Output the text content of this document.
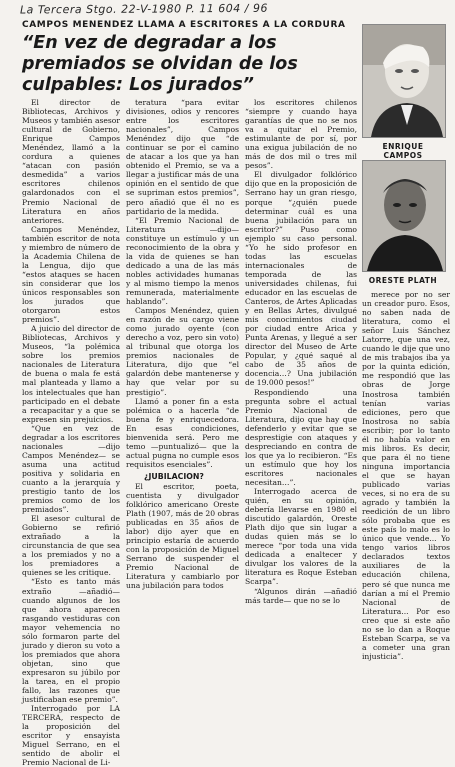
La Tercera Stgo. 22-V-1980 P. 11 604 / 96
CAMPOS MENENDEZ LLAMA A ESCRITORES A LA CORDURA
“En vez de degradar a los premiados se olvidan de los culpables: Los jurados”
ENRIQUE CAMPOS
ORESTE PLATH

El director de Bibliotecas, Archivos y Museos y también asesor cultural de Gobierno, Enrique Campos Menéndez, llamó a la cordura a quienes “atacan con pasión desmedida” a varios escritores chilenos galardonados con el Premio Nacional de Literatura en años anteriores.

Campos Menéndez, también escritor de nota y miembro de número de la Academia Chilena de la Lengua, dijo que “estos ataques se hacen sin considerar que los únicos responsables son los jurados que otorgaron estos premios”.

A juicio del director de Bibliotecas, Archivos y Museos, “la polémica sobre los premios nacionales de Literatura de buena o mala fe está mal planteada y llamo a los intelectuales que han participado en el debate a recapacitar y a que se expresen sin prejuicios.

“Que en vez de degradar a los escritores nacionales —dijo Campos Menéndez— se asuma una actitud positiva y solidaria en cuanto a la jerarquía y prestigio tanto de los premios como de los premiados”.

El asesor cultural de Gobierno se refirió extrañado a la circunstancia de que sea a los premiados y no a los premiadores a quienes se les critique.

“Esto es tanto más extraño —añadió— cuando algunos de los que ahora aparecen rasgando vestiduras con mayor vehemencia no sólo formaron parte del jurado y dieron su voto a los premiados que ahora objetan, sino que expresaron su júbilo por la tarea, en el propio fallo, las razones que justificaban ese premio”.

Interrogado por LA TERCERA, respecto de la proposición del escritor y ensayista Miguel Serrano, en el sentido de abolir el Premio Nacional de Li-

teratura “para evitar divisiones, odios y rencores entre los escritores nacionales”, Campos Menéndez dijo que “de continuar se por el camino de atacar a los que ya han obtenido el Premio, se va a llegar a justificar más de una opinión en el sentido de que se supriman estos premios”, pero añadió que él no es partidario de la medida.

“El Premio Nacional de Literatura —dijo— constituye un estímulo y un reconocimiento de la obra y la vida de quienes se han dedicado a una de las más nobles actividades humanas y al mismo tiempo la menos remunerada, materialmente hablando”.

Campos Menéndez, quien en razón de su cargo viene como jurado oyente (con derecho a voz, pero sin voto) al tribunal que otorga los premios nacionales de Literatura, dijo que “el galardón debe mantenerse y hay que velar por su prestigio”.

Llamó a poner fin a esta polémica o a hacerla “de buena fe y enriquecedora. En esas condiciones, bienvenida será. Pero me temo —puntualizó— que la actual pugna no cumple esos requisitos esenciales”.

¿JUBILACION?

El escritor, poeta, cuentista y divulgador folklórico americano Oreste Plath (1907, más de 20 obras publicadas en 35 años de labor) dijo ayer que en principio estaría de acuerdo con la proposición de Miguel Serrano de suspender el Premio Nacional de Literatura y cambiarlo por una jubilación para todos

los escritores chilenos “siempre y cuando haya garantías de que no se nos va a quitar el Premio, estimulante de por sí, por una exigua jubilación de no más de dos mil o tres mil pesos”.

El divulgador folklórico dijo que en la proposición de Serrano hay un gran riesgo, porque “¿quién puede determinar cuál es una buena jubilación para un escritor?” Puso como ejemplo su caso personal. “Yo he sido profesor en todas las escuelas internacionales de temporada de las universidades chilenas, fui educador en las escuelas de Canteros, de Artes Aplicadas y en Bellas Artes, divulgué mis conocimientos ciudad por ciudad entre Arica y Punta Arenas, y llegué a ser director del Museo de Arte Popular, y ¿qué saqué al cabo de 35 años de docencia…? Una jubilación de 19.000 pesos!”

Respondiendo una pregunta sobre el actual Premio Nacional de Literatura, dijo que hay que defenderlo y evitar que se desprestigie con ataques y despreciando en contra de los que ya lo recibieron. “Es un estímulo que hoy los escritores nacionales necesitan…”.

Interrogado acerca de quién, en su opinión, debería llevarse en 1980 el discutido galardón, Oreste Plath dijo que sin lugar a dudas quien más se lo merece “por toda una vida dedicada a enaltecer y divulgar los valores de la literatura es Roque Esteban Scarpa”.

“Algunos dirán —añadió más tarde— que no se lo

merece por no ser un creador puro. Esos, no saben nada de literatura, como el señor Luis Sánchez Latorre, que una vez, cuando le dije que uno de mis trabajos iba ya por la quinta edición, me respondió que las obras de Jorge Inostrosa también tenían varias ediciones, pero que Inostrosa no sabía escribir; por lo tanto él no había valor en mis libros. Es decir, que para él no tiene ninguna importancia el que se hayan publicado varias veces, si no era de su agrado y también la reedición de un libro sólo probaba que es este país lo malo es lo único que vende... Yo tengo varios libros declarados textos auxiliares de la educación chilena, pero sé que nunca me darían a mí el Premio Nacional de Literatura... Por eso creo que si este año no se lo dan a Roque Esteban Scarpa, se va a cometer una gran injusticia”.
